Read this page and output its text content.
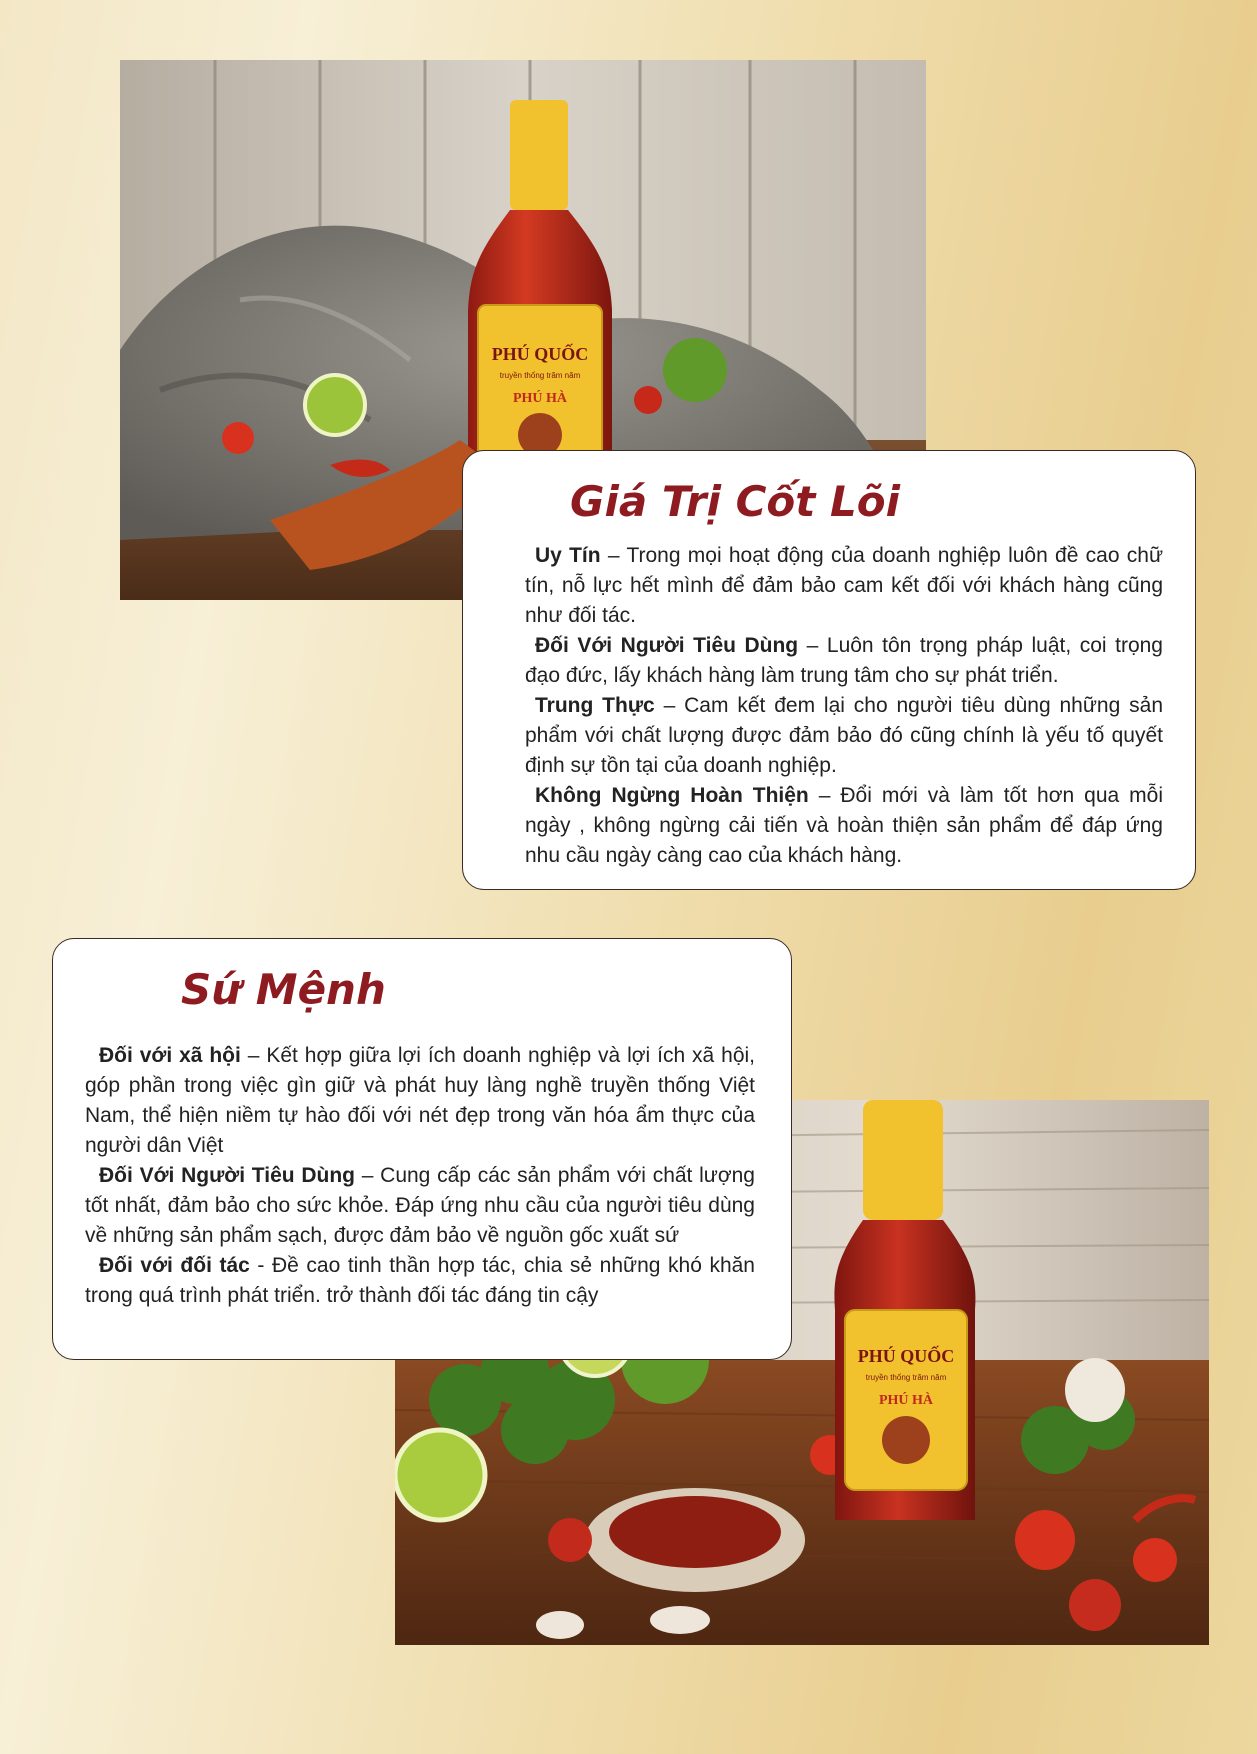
PHÚ QUỐC
truyền thống trăm năm
PHÚ HÀ
Giá Trị Cốt Lõi

Uy Tín – Trong mọi hoạt động của doanh nghiệp luôn đề cao chữ tín, nỗ lực hết mình để đảm bảo cam kết đối với khách hàng cũng như đối tác.

Đối Với Người Tiêu Dùng – Luôn tôn trọng pháp luật, coi trọng đạo đức, lấy khách hàng làm trung tâm cho sự phát triển.

Trung Thực – Cam kết đem lại cho người tiêu dùng những sản phẩm với chất lượng được đảm bảo đó cũng chính là yếu tố quyết định sự tồn tại của doanh nghiệp.

Không Ngừng Hoàn Thiện – Đổi mới và làm tốt hơn qua mỗi ngày , không ngừng cải tiến và hoàn thiện sản phẩm để đáp ứng nhu cầu ngày càng cao của khách hàng.

PHÚ QUỐC
truyền thống trăm năm
PHÚ HÀ
Sứ Mệnh

Đối với xã hội – Kết hợp giữa lợi ích doanh nghiệp và lợi ích xã hội, góp phần trong việc gìn giữ và phát huy làng nghề truyền thống Việt Nam, thể hiện niềm tự hào đối với nét đẹp trong văn hóa ẩm thực của người dân Việt

Đối Với Người Tiêu Dùng – Cung cấp các sản phẩm với chất lượng tốt nhất, đảm bảo cho sức khỏe. Đáp ứng nhu cầu của người tiêu dùng về những sản phẩm sạch, được đảm bảo về nguồn gốc xuất sứ

Đối với đối tác - Đề cao tinh thần hợp tác, chia sẻ những khó khăn trong quá trình phát triển. trở thành đối tác đáng tin cậy
